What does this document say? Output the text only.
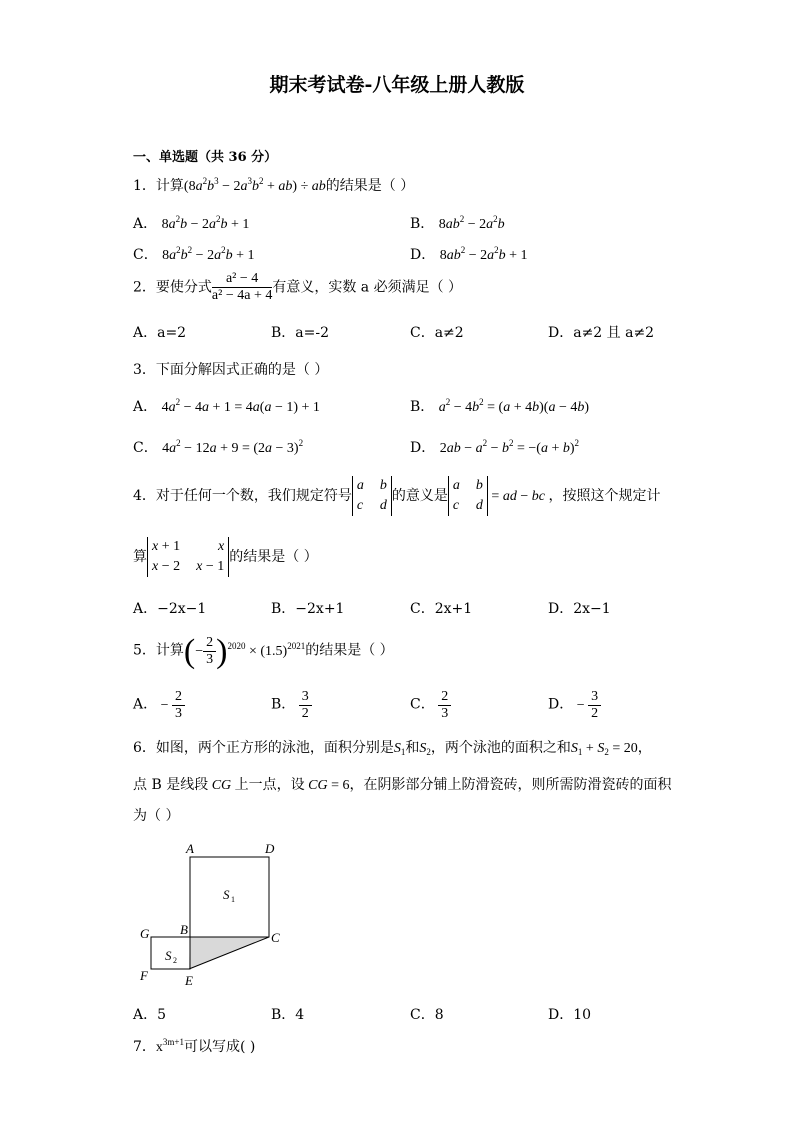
期末考试卷-八年级上册人教版
一、单选题（共 36 分）
1．计算$(8a^2b^3 - 2a^3b^2 + ab)$ ÷ ab的结果是（ ）
A． $8a^2b - 2a^2b + 1$	B． $8ab^2 - 2a^2b$
C． $8a^2b^2 - 2a^2b + 1$	D． $8ab^2 - 2a^2b + 1$
2．要使分式 $\frac{\text{a² − 4}}{\text{a² − 4a + 4}}$ 有意义，实数 a 必须满足（ ）
A．a=2	B．a=-2	C．a≠2	D．a≠2 且 a≠2
3．下面分解因式正确的是（ ）
A． $4a^2 - 4a + 1 = 4a(a - 1) + 1$	B． $a^2 - 4b^2 = (a + 4b)(a - 4b)$
C． $4a^2 - 12a + 9 = (2a - 3)^2$	D． $2ab - a^2 - b^2 = -(a + b)^2$
4．对于任何一个数，我们规定符号
a b
c d
的意义是
a b
c d
= ad − bc ，按照这个规定计
算
x + 1	x
x − 2 x − 1
的结果是（ ）
A．−2x−1	B．−2x+1	C．2x+1	D．2x−1
5．计算(− $\frac{2}{3} )^{2020} \times (1.5)^{2021}$的结果是（ ）
A． − $\frac{2}{3}$	B． $\frac{3}{2}$	C． $\frac{2}{3}$	D． − $\frac{3}{2}$
6．如图，两个正方形的泳池，面积分别是$S_1$和$S_2$，两个泳池的面积之和$S_1 + S_2 = 20$，
点 B 是线段 CG 上一点，设 CG = 6，在阴影部分铺上防滑瓷砖，则所需防滑瓷砖的面积
为（ ）
A	D
G B
C
F	E
S
S
1
2
A．5	B．4	C．8	D．10
7．$x^{3m+1}$可以写成( )
